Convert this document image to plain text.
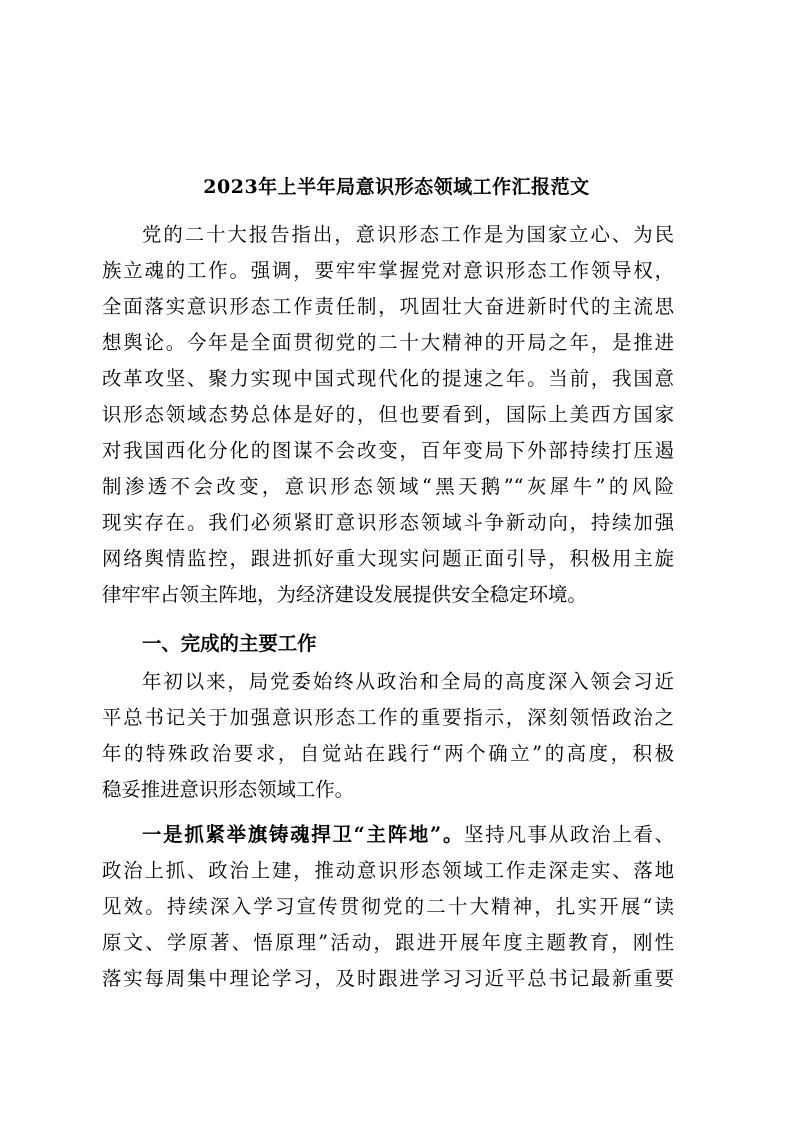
2023年上半年局意识形态领域工作汇报范文
党的二十大报告指出，意识形态工作是为国家立心、为民
族立魂的工作。强调，要牢牢掌握党对意识形态工作领导权，
全面落实意识形态工作责任制，巩固壮大奋进新时代的主流思
想舆论。今年是全面贯彻党的二十大精神的开局之年，是推进
改革攻坚、聚力实现中国式现代化的提速之年。当前，我国意
识形态领域态势总体是好的，但也要看到，国际上美西方国家
对我国西化分化的图谋不会改变，百年变局下外部持续打压遏
制渗透不会改变，意识形态领域“黑天鹅”“灰犀牛”的风险
现实存在。我们必须紧盯意识形态领域斗争新动向，持续加强
网络舆情监控，跟进抓好重大现实问题正面引导，积极用主旋
律牢牢占领主阵地，为经济建设发展提供安全稳定环境。
一、完成的主要工作
年初以来，局党委始终从政治和全局的高度深入领会习近
平总书记关于加强意识形态工作的重要指示，深刻领悟政治之
年的特殊政治要求，自觉站在践行“两个确立”的高度，积极
稳妥推进意识形态领域工作。
一是抓紧举旗铸魂捍卫“主阵地”。坚持凡事从政治上看、
政治上抓、政治上建，推动意识形态领域工作走深走实、落地
见效。持续深入学习宣传贯彻党的二十大精神，扎实开展“读
原文、学原著、悟原理”活动，跟进开展年度主题教育，刚性
落实每周集中理论学习，及时跟进学习习近平总书记最新重要
